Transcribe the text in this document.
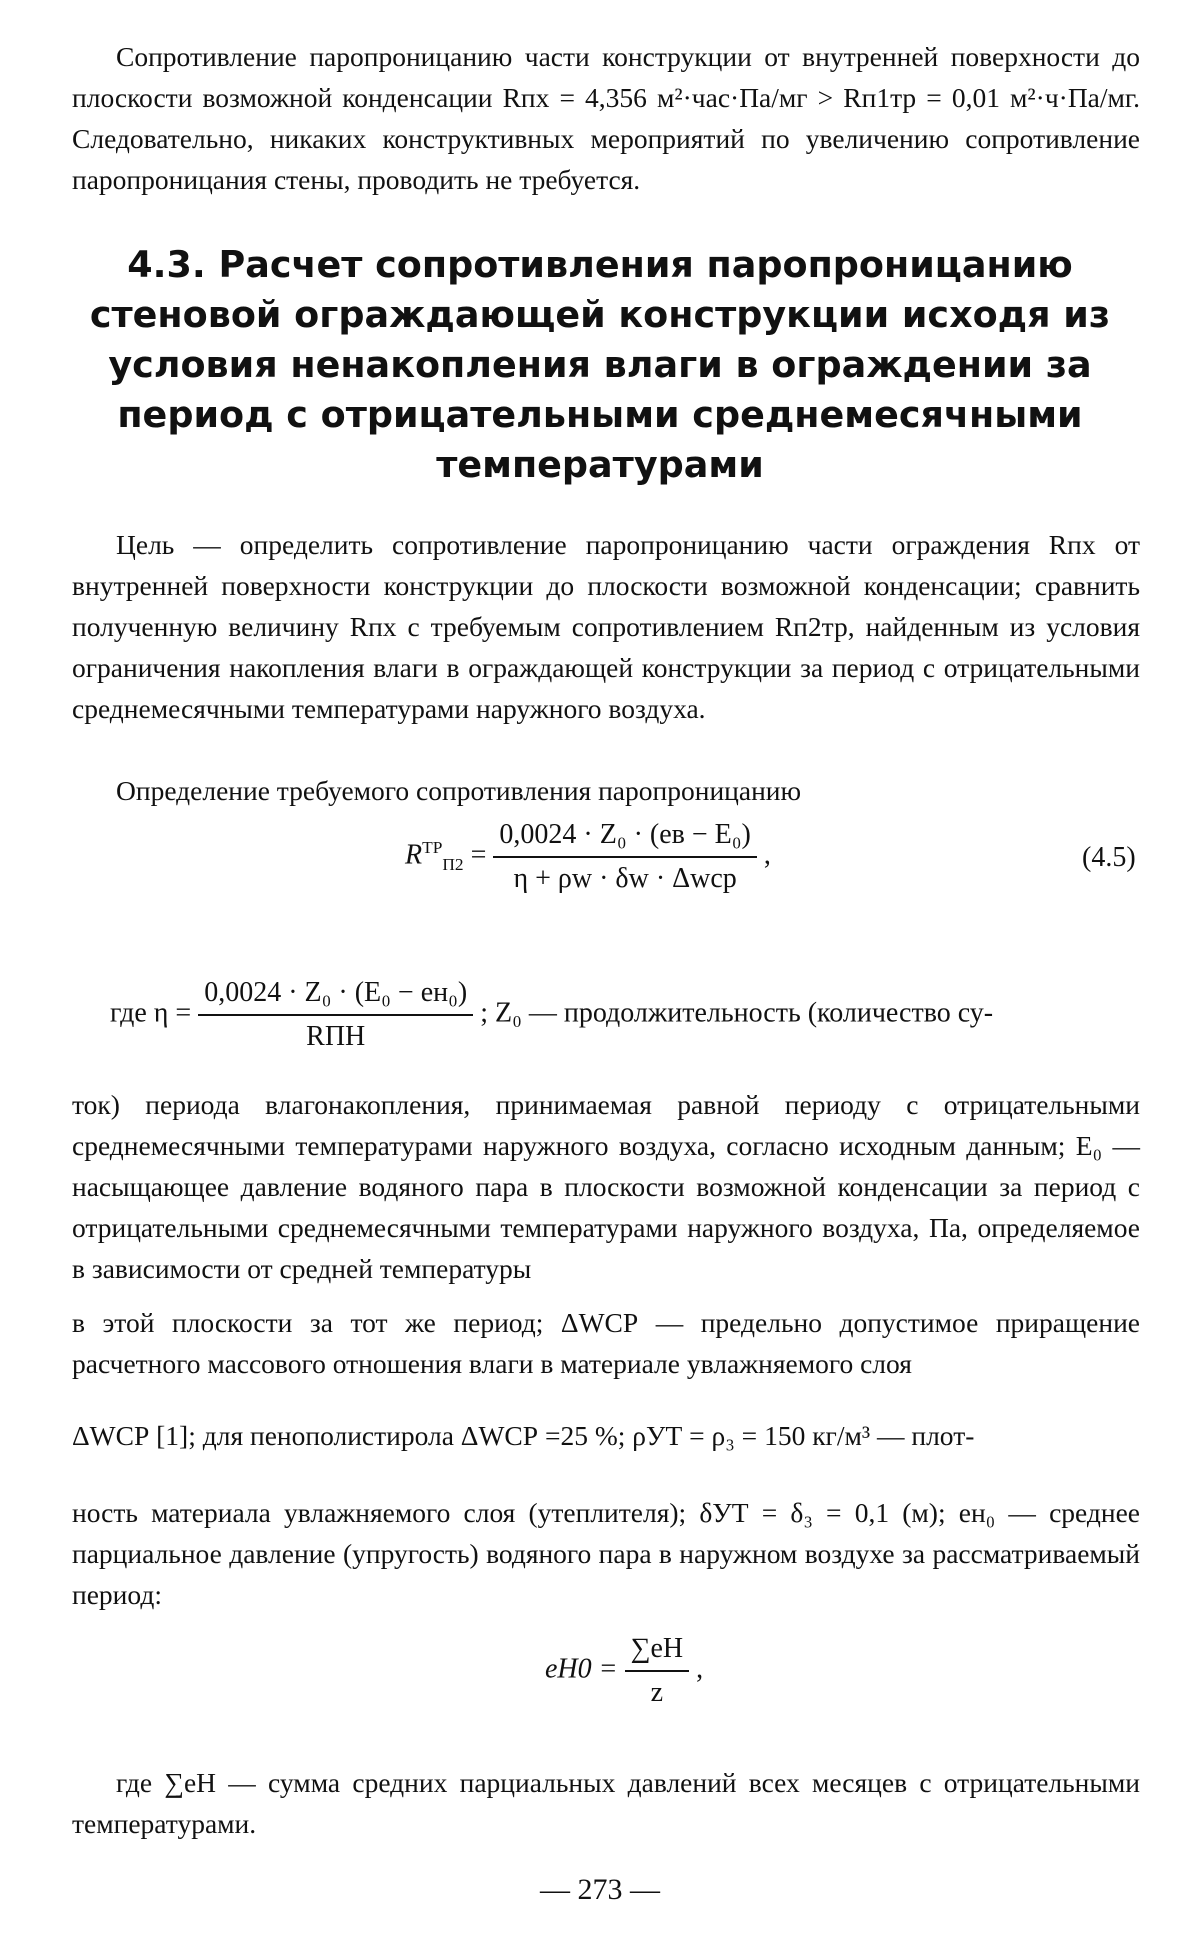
Сопротивление паропроницанию части конструкции от внутренней поверхности до плоскости возможной конденсации Rпх = 4,356 м²·час·Па/мг > Rп1тр = 0,01 м²·ч·Па/мг. Следовательно, никаких конструктивных мероприятий по увеличению сопротивление паропроницания стены, проводить не требуется.
4.3. Расчет сопротивления паропроницанию стеновой ограждающей конструкции исходя из условия ненакопления влаги в ограждении за период с отрицательными среднемесячными температурами
Цель — определить сопротивление паропроницанию части ограждения Rпх от внутренней поверхности конструкции до плоскости возможной конденсации; сравнить полученную величину Rпх с требуемым сопротивлением Rп2тр, найденным из условия ограничения накопления влаги в ограждающей конструкции за период с отрицательными среднемесячными температурами наружного воздуха.
Определение требуемого сопротивления паропроницанию
$R^{ТР}_{П2} = \frac{\text{0,0024 · Z₀ · (eв − E₀)}}{\text{η + ρw · δw · Δwср}}$ ,	(4.5)
где $\eta = \frac{\text{0,0024 · Z₀ · (E₀ − eн₀)}}{\text{RПН}}$ ; Z₀ — продолжительность (количество су-
ток) периода влагонакопления, принимаемая равной периоду с отрицательными среднемесячными температурами наружного воздуха, согласно исходным данным; E₀ — насыщающее давление водяного пара в плоскости возможной конденсации за период с отрицательными среднемесячными температурами наружного воздуха, Па, определяемое в зависимости от средней температуры
в этой плоскости за тот же период; ΔWСР — предельно допустимое приращение расчетного массового отношения влаги в материале увлажняемого слоя
ΔWСР [1]; для пенополистирола ΔWСР =25 %; ρУТ = ρ₃ = 150 кг/м³ — плот-
ность материала увлажняемого слоя (утеплителя); δУТ = δ₃ = 0,1 (м); eн₀ — среднее парциальное давление (упругость) водяного пара в наружном воздухе за рассматриваемый период:
$eН0 = \frac{\sum eН}{z}$ ,
где ∑eН — сумма средних парциальных давлений всех месяцев с отрицательными температурами.
— 273 —
